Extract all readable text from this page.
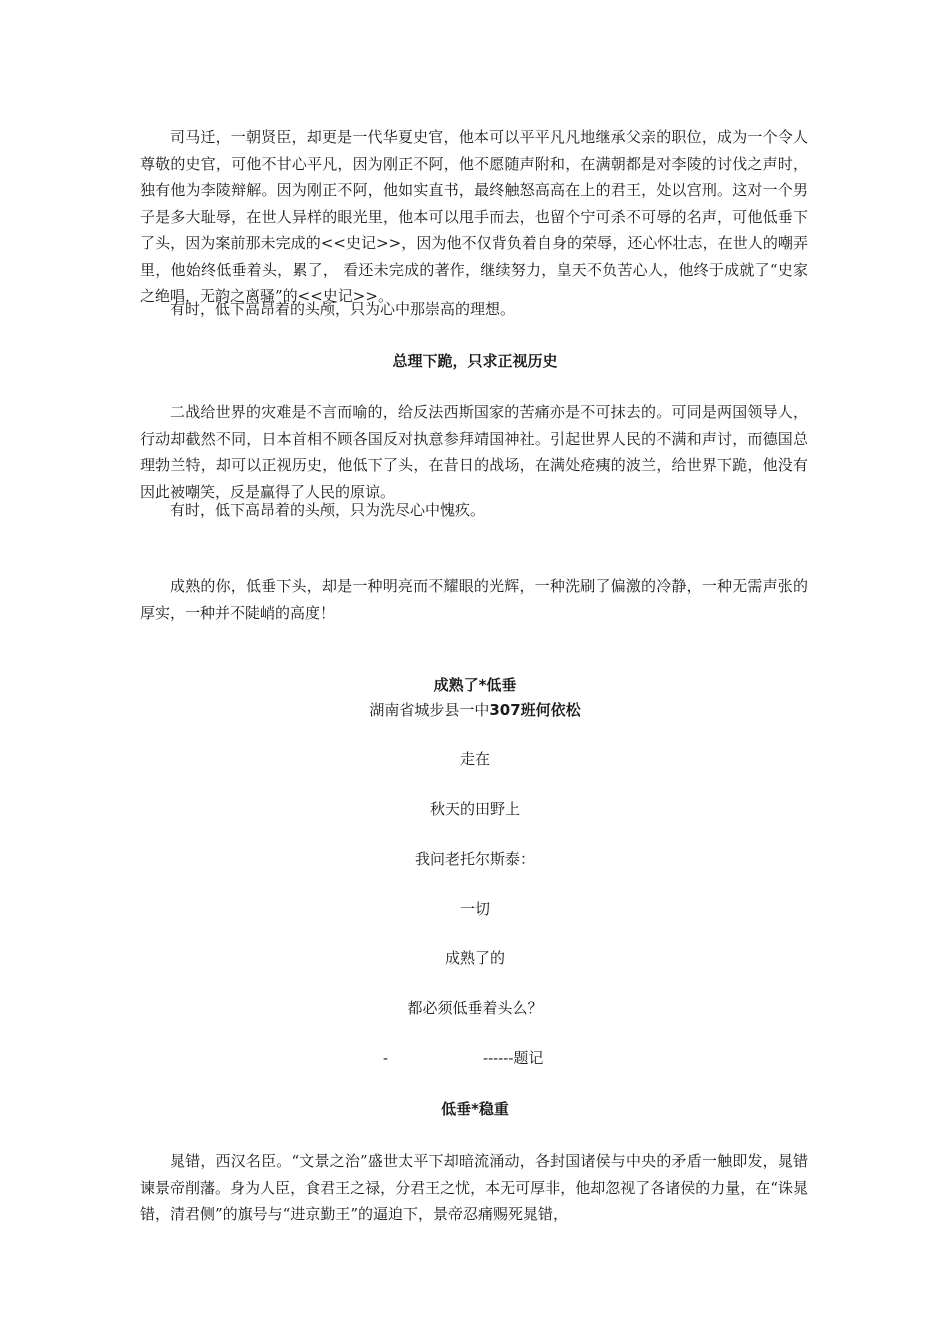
司马迁，一朝贤臣，却更是一代华夏史官，他本可以平平凡凡地继承父亲的职位，成为一个令人尊敬的史官，可他不甘心平凡，因为刚正不阿，他不愿随声附和，在满朝都是对李陵的讨伐之声时，独有他为李陵辩解。因为刚正不阿，他如实直书，最终触怒高高在上的君王，处以宫刑。这对一个男子是多大耻辱，在世人异样的眼光里，他本可以甩手而去，也留个宁可杀不可辱的名声，可他低垂下了头，因为案前那未完成的<<史记>>，因为他不仅背负着自身的荣辱，还心怀壮志，在世人的嘲弄里，他始终低垂着头，累了， 看还未完成的著作，继续努力，皇天不负苦心人，他终于成就了“史家之绝唱，无韵之离骚”的<<史记>>。

有时，低下高昂着的头颅，只为心中那崇高的理想。

总理下跪，只求正视历史

二战给世界的灾难是不言而喻的，给反法西斯国家的苦痛亦是不可抹去的。可同是两国领导人，行动却截然不同，日本首相不顾各国反对执意参拜靖国神社。引起世界人民的不满和声讨，而德国总理勃兰特，却可以正视历史，他低下了头，在昔日的战场，在满处疮痍的波兰，给世界下跪，他没有因此被嘲笑，反是赢得了人民的原谅。

有时，低下高昂着的头颅，只为洗尽心中愧疚。

成熟的你，低垂下头，却是一种明亮而不耀眼的光辉，一种洗刷了偏激的冷静，一种无需声张的厚实，一种并不陡峭的高度！

成熟了*低垂

湖南省城步县一中307班何依松

走在

秋天的田野上

我问老托尔斯泰：

一切

成熟了的

都必须低垂着头么？

-	------题记

低垂*稳重

晁错，西汉名臣。“文景之治”盛世太平下却暗流涌动，各封国诸侯与中央的矛盾一触即发，晁错谏景帝削藩。身为人臣，食君王之禄，分君王之忧，本无可厚非，他却忽视了各诸侯的力量，在“诛晁错，清君侧”的旗号与“进京勤王”的逼迫下，景帝忍痛赐死晁错，
